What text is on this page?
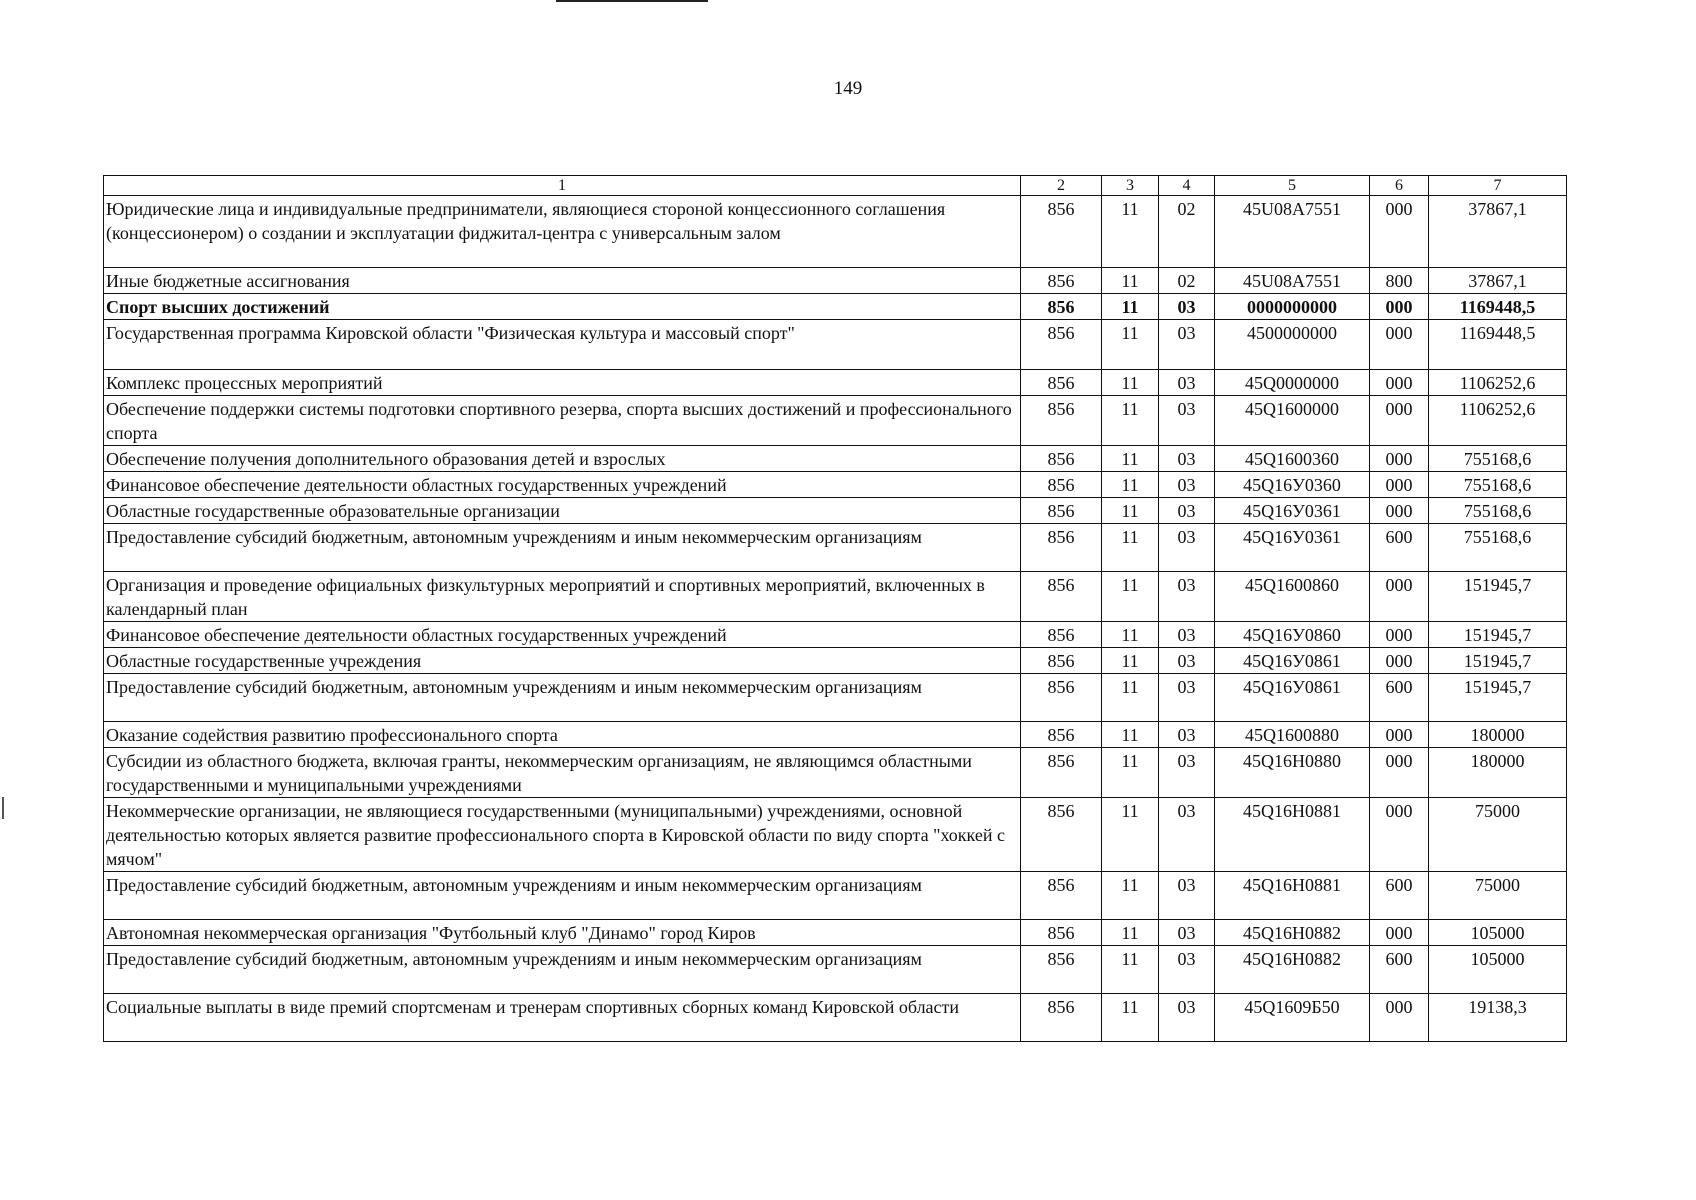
149
1	2	3	4	5	6	7
Юридические лица и индивидуальные предприниматели, являющиеся стороной концессионного соглашения (концессионером) о создании и эксплуатации фиджитал-центра с универсальным залом	856	11	02	45U08A7551	000	37867,1
Иные бюджетные ассигнования	856	11	02	45U08A7551	800	37867,1
Спорт высших достижений	856	11	03	0000000000	000	1169448,5
Государственная программа Кировской области "Физическая культура и массовый спорт"	856	11	03	4500000000	000	1169448,5
Комплекс процессных мероприятий	856	11	03	45Q0000000	000	1106252,6
Обеспечение поддержки системы подготовки спортивного резерва, спорта высших достижений и профессионального спорта	856	11	03	45Q1600000	000	1106252,6
Обеспечение получения дополнительного образования детей и взрослых	856	11	03	45Q1600360	000	755168,6
Финансовое обеспечение деятельности областных государственных учреждений	856	11	03	45Q16У0360	000	755168,6
Областные государственные образовательные организации	856	11	03	45Q16У0361	000	755168,6
Предоставление субсидий бюджетным, автономным учреждениям и иным некоммерческим организациям	856	11	03	45Q16У0361	600	755168,6
Организация и проведение официальных физкультурных мероприятий и спортивных мероприятий, включенных в календарный план	856	11	03	45Q1600860	000	151945,7
Финансовое обеспечение деятельности областных государственных учреждений	856	11	03	45Q16У0860	000	151945,7
Областные государственные учреждения	856	11	03	45Q16У0861	000	151945,7
Предоставление субсидий бюджетным, автономным учреждениям и иным некоммерческим организациям	856	11	03	45Q16У0861	600	151945,7
Оказание содействия развитию профессионального спорта	856	11	03	45Q1600880	000	180000
Субсидии из областного бюджета, включая гранты, некоммерческим организациям, не являющимся областными государственными и муниципальными учреждениями	856	11	03	45Q16Н0880	000	180000
Некоммерческие организации, не являющиеся государственными (муниципальными) учреждениями, основной деятельностью которых является развитие профессионального спорта в Кировской области по виду спорта "хоккей с мячом"	856	11	03	45Q16Н0881	000	75000
Предоставление субсидий бюджетным, автономным учреждениям и иным некоммерческим организациям	856	11	03	45Q16Н0881	600	75000
Автономная некоммерческая организация "Футбольный клуб "Динамо" город Киров	856	11	03	45Q16Н0882	000	105000
Предоставление субсидий бюджетным, автономным учреждениям и иным некоммерческим организациям	856	11	03	45Q16Н0882	600	105000
Социальные выплаты в виде премий спортсменам и тренерам спортивных сборных команд Кировской области	856	11	03	45Q1609Б50	000	19138,3
